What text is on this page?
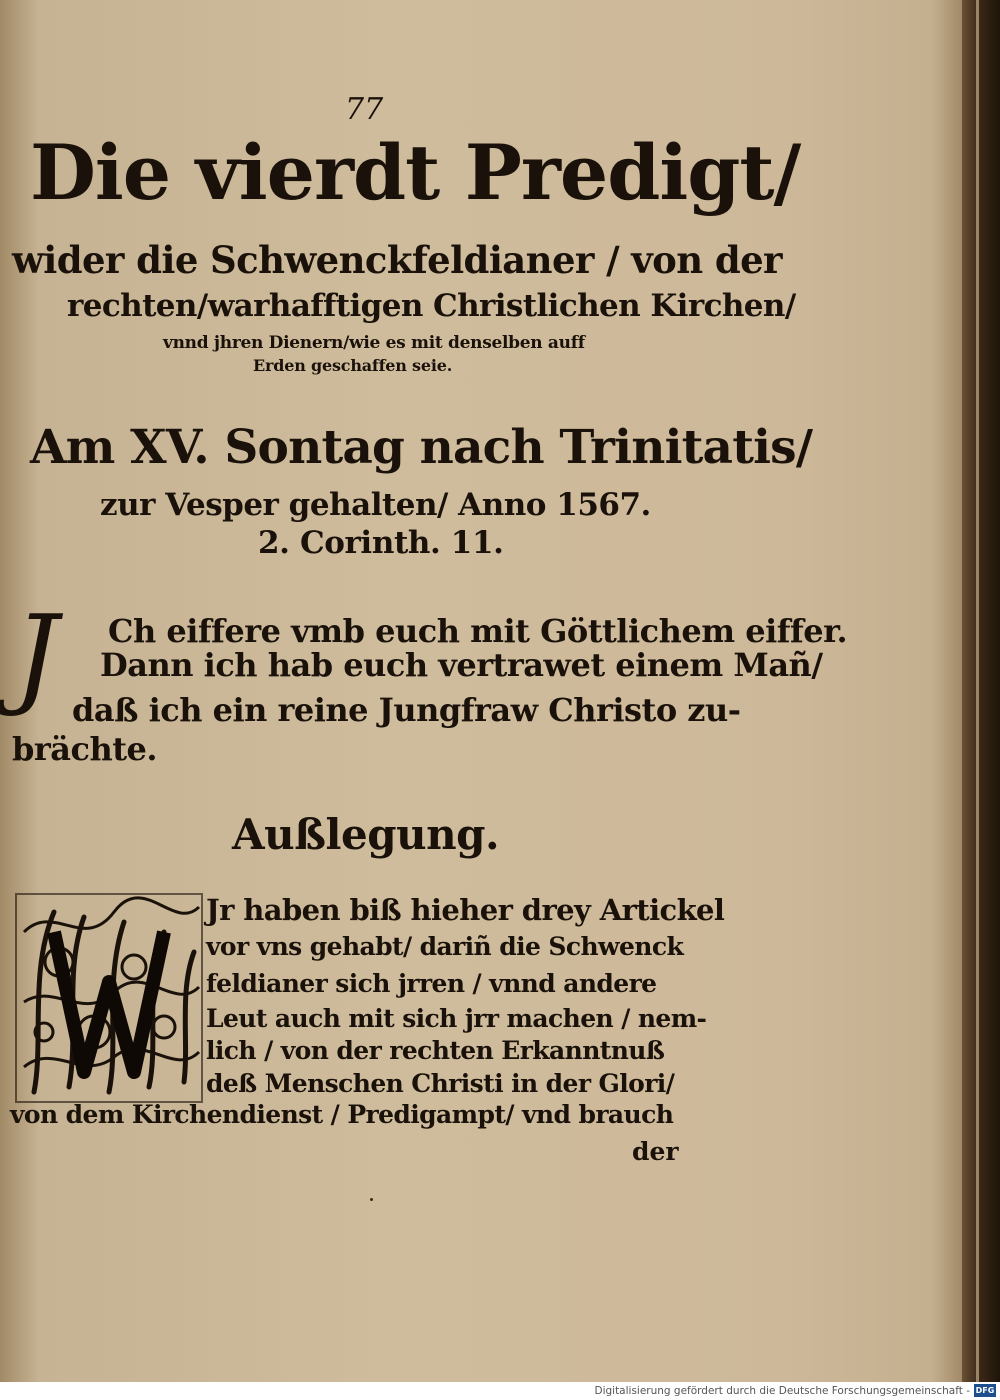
77
Die vierdt Predigt/
wider die Schwenckfeldianer / von der
rechten/warhafftigen Christlichen Kirchen/
vnnd jhren Dienern/wie es mit denselben auff
Erden geschaffen seie.
Am XV. Sontag nach Trinitatis/
zur Vesper gehalten/ Anno 1567.
2. Corinth. 11.
J Ch eiffere vmb euch mit Göttlichem eiffer.
Dann ich hab euch vertrawet einem Mañ/
daß ich ein reine Jungfraw Christo zu-
brächte.
Außlegung.
W
Jr haben biß hieher drey Artickel
vor vns gehabt/ dariñ die Schwenck
feldianer sich jrren / vnnd andere
Leut auch mit sich jrr machen / nem-
lich / von der rechten Erkanntnuß
deß Menschen Christi in der Glori/
von dem Kirchendienst / Predigampt/ vnd brauch
der
Digitalisierung gefördert durch die Deutsche Forschungsgemeinschaft - DFG
